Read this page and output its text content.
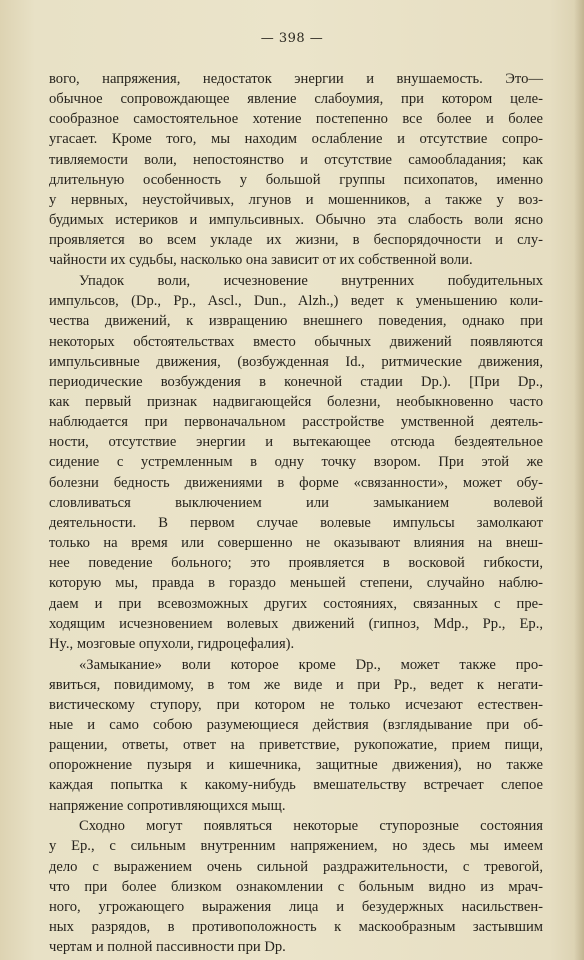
— 398 —
вого, напряжения, недостаток энергии и внушаемость. Это—
обычное сопровождающее явление слабоумия, при котором целе-
сообразное самостоятельное хотение постепенно все более и более
угасает. Кроме того, мы находим ослабление и отсутствие сопро-
тивляемости воли, непостоянство и отсутствие самообладания; как
длительную особенность у большой группы психопатов, именно
у нервных, неустойчивых, лгунов и мошенников, а также у воз-
будимых истериков и импульсивных. Обычно эта слабость воли ясно
проявляется во всем укладе их жизни, в беспорядочности и слу-
чайности их судьбы, насколько она зависит от их собственной воли.
Упадок воли, исчезновение внутренних побудительных
импульсов, (Dp., Pp., Ascl., Dun., Alzh.,) ведет к уменьшению коли-
чества движений, к извращению внешнего поведения, однако при
некоторых обстоятельствах вместо обычных движений появляются
импульсивные движения, (возбужденная Id., ритмические движения,
периодические возбуждения в конечной стадии Dp.). [При Dp.,
как первый признак надвигающейся болезни, необыкновенно часто
наблюдается при первоначальном расстройстве умственной деятель-
ности, отсутствие энергии и вытекающее отсюда бездеятельное
сидение с устремленным в одну точку взором. При этой же
болезни бедность движениями в форме «связанности», может обу-
словливаться выключением или замыканием волевой
деятельности. В первом случае волевые импульсы замолкают
только на время или совершенно не оказывают влияния на внеш-
нее поведение больного; это проявляется в восковой гибкости,
которую мы, правда в гораздо меньшей степени, случайно наблю-
даем и при всевозможных других состояниях, связанных с пре-
ходящим исчезновением волевых движений (гипноз, Mdp., Pp., Ep.,
Hy., мозговые опухоли, гидроцефалия).
«Замыкание» воли которое кроме Dp., может также про-
явиться, повидимому, в том же виде и при Pp., ведет к негати-
вистическому ступору, при котором не только исчезают естествен-
ные и само собою разумеющиеся действия (взглядывание при об-
ращении, ответы, ответ на приветствие, рукопожатие, прием пищи,
опорожнение пузыря и кишечника, защитные движения), но также
каждая попытка к какому-нибудь вмешательству встречает слепое
напряжение сопротивляющихся мыщ.
Сходно могут появляться некоторые ступорозные состояния
у Ep., с сильным внутренним напряжением, но здесь мы имеем
дело с выражением очень сильной раздражительности, с тревогой,
что при более близком ознакомлении с больным видно из мрач-
ного, угрожающего выражения лица и безудержных насильствен-
ных разрядов, в противоположность к маскообразным застывшим
чертам и полной пассивности при Dp.
